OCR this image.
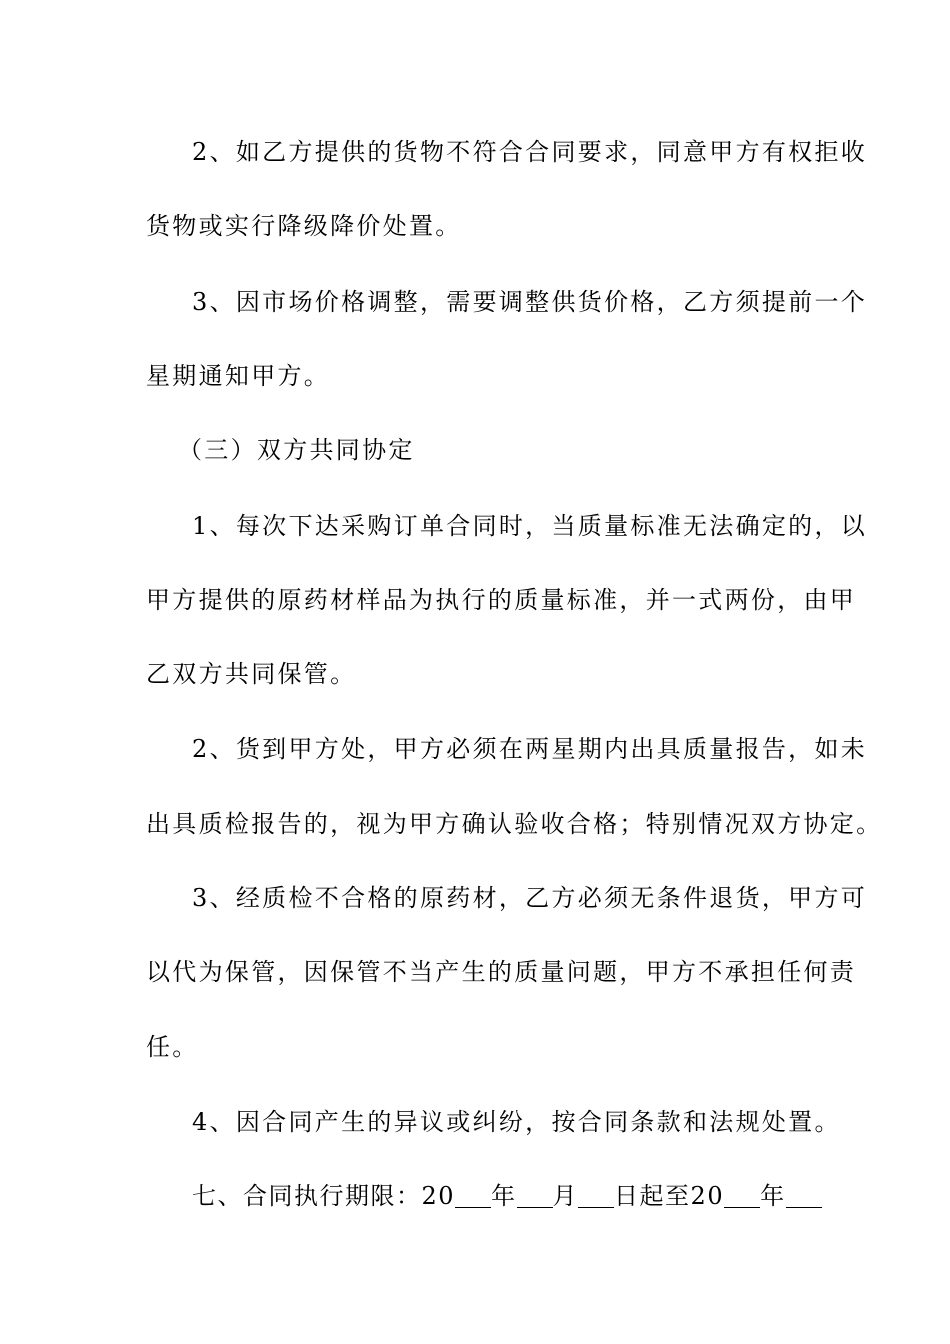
2、如乙方提供的货物不符合合同要求，同意甲方有权拒收
货物或实行降级降价处置。
3、因市场价格调整，需要调整供货价格，乙方须提前一个
星期通知甲方。
（三）双方共同协定
1、每次下达采购订单合同时，当质量标准无法确定的，以
甲方提供的原药材样品为执行的质量标准，并一式两份，由甲
乙双方共同保管。
2、货到甲方处，甲方必须在两星期内出具质量报告，如未
出具质检报告的，视为甲方确认验收合格；特别情况双方协定。
3、经质检不合格的原药材，乙方必须无条件退货，甲方可
以代为保管，因保管不当产生的质量问题，甲方不承担任何责
任。
4、因合同产生的异议或纠纷，按合同条款和法规处置。
七、合同执行期限：20 年 月 日起至20 年
